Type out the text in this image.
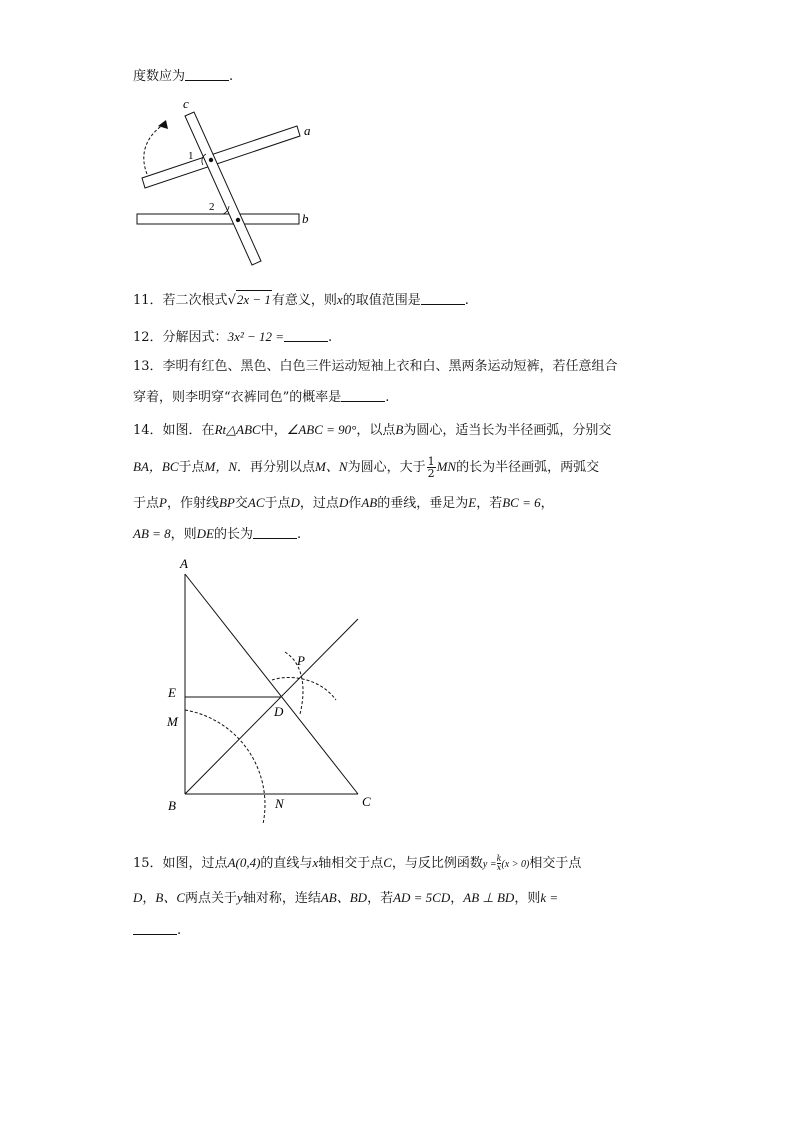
度数应为	.
c
a
b
1
2
11．若二次根式√2x − 1有意义，则x的取值范围是	.
12．分解因式：3x² − 12 =	.
13．李明有红色、黑色、白色三件运动短袖上衣和白、黑两条运动短裤，若任意组合
穿着，则李明穿“衣裤同色”的概率是	.
14．如图．在Rt△ABC中，∠ABC = 90°，以点B为圆心，适当长为半径画弧，分别交
BA，BC于点M，N．再分别以点M、N为圆心，大于 $\frac{1}{2}$ MN的长为半径画弧，两弧交
于点P，作射线BP交AC于点D，过点D作AB的垂线，垂足为E，若BC = 6，
AB = 8，则DE的长为	.
A
E
M
B	N	C
D
P
15．如图，过点A(0,4)的直线与x轴相交于点C，与反比例函数$y = \frac{k}{x} (x > 0)$相交于点
D，B、C两点关于y轴对称，连结AB、BD，若AD = 5CD，AB ⊥ BD，则k =
.
